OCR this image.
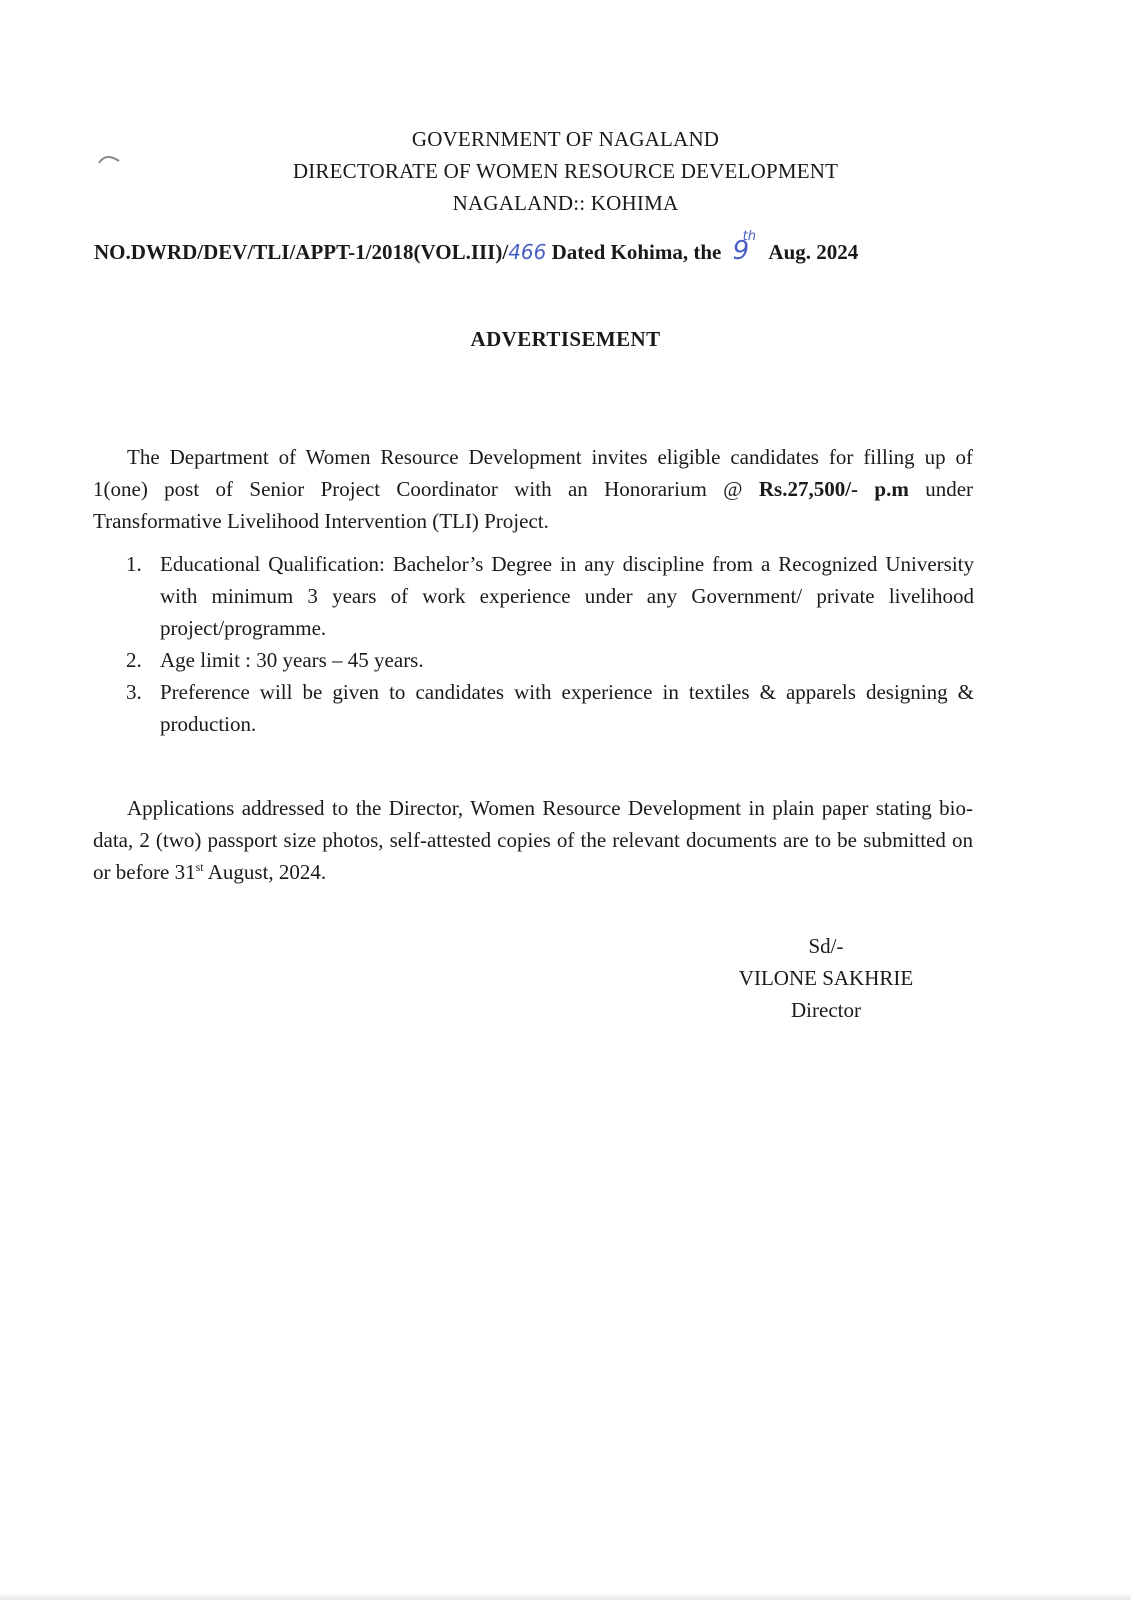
GOVERNMENT OF NAGALAND
DIRECTORATE OF WOMEN RESOURCE DEVELOPMENT
NAGALAND:: KOHIMA
NO.DWRD/DEV/TLI/APPT-1/2018(VOL.III)/466 Dated Kohima, the 9
th
Aug. 2024
ADVERTISEMENT

The Department of Women Resource Development invites eligible candidates for filling up of 1(one) post of Senior Project Coordinator with an Honorarium @ Rs.27,500/- p.m under Transformative Livelihood Intervention (TLI) Project.

1. Educational Qualification: Bachelor’s Degree in any discipline from a Recognized University with minimum 3 years of work experience under any Government/ private livelihood project/programme.
2. Age limit : 30 years – 45 years.
3. Preference will be given to candidates with experience in textiles & apparels designing & production.

Applications addressed to the Director, Women Resource Development in plain paper stating bio-data, 2 (two) passport size photos, self-attested copies of the relevant documents are to be submitted on or before 31st August, 2024.

Sd/-
VILONE SAKHRIE
Director
